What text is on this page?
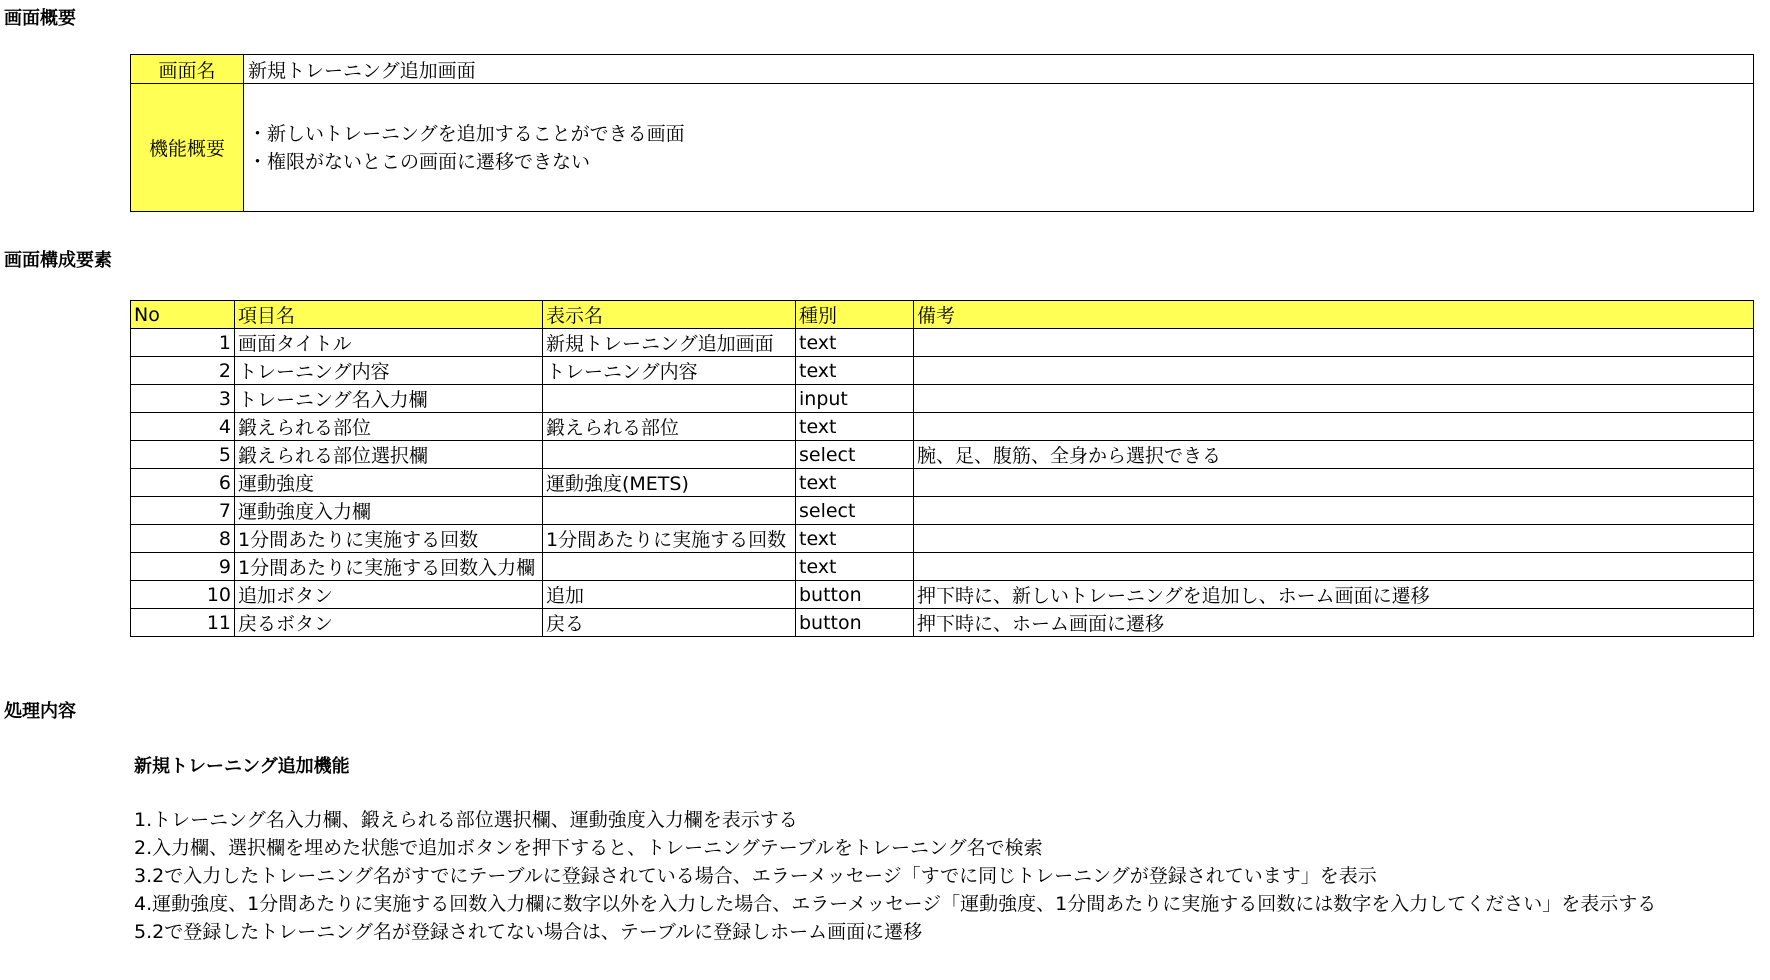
画面概要
画面名	新規トレーニング追加画面
機能概要	・新しいトレーニングを追加することができる画面
・権限がないとこの画面に遷移できない
画面構成要素
No	項目名	表示名	種別	備考
1	画面タイトル	新規トレーニング追加画面	text	
2	トレーニング内容	トレーニング内容	text	
3	トレーニング名入力欄		input	
4	鍛えられる部位	鍛えられる部位	text	
5	鍛えられる部位選択欄		select	腕、足、腹筋、全身から選択できる
6	運動強度	運動強度(METS)	text	
7	運動強度入力欄		select	
8	1分間あたりに実施する回数	1分間あたりに実施する回数	text	
9	1分間あたりに実施する回数入力欄		text	
10	追加ボタン	追加	button	押下時に、新しいトレーニングを追加し、ホーム画面に遷移
11	戻るボタン	戻る	button	押下時に、ホーム画面に遷移
処理内容
新規トレーニング追加機能
1.トレーニング名入力欄、鍛えられる部位選択欄、運動強度入力欄を表示する
2.入力欄、選択欄を埋めた状態で追加ボタンを押下すると、トレーニングテーブルをトレーニング名で検索
3.2で入力したトレーニング名がすでにテーブルに登録されている場合、エラーメッセージ「すでに同じトレーニングが登録されています」を表示
4.運動強度、1分間あたりに実施する回数入力欄に数字以外を入力した場合、エラーメッセージ「運動強度、1分間あたりに実施する回数には数字を入力してください」を表示する
5.2で登録したトレーニング名が登録されてない場合は、テーブルに登録しホーム画面に遷移
